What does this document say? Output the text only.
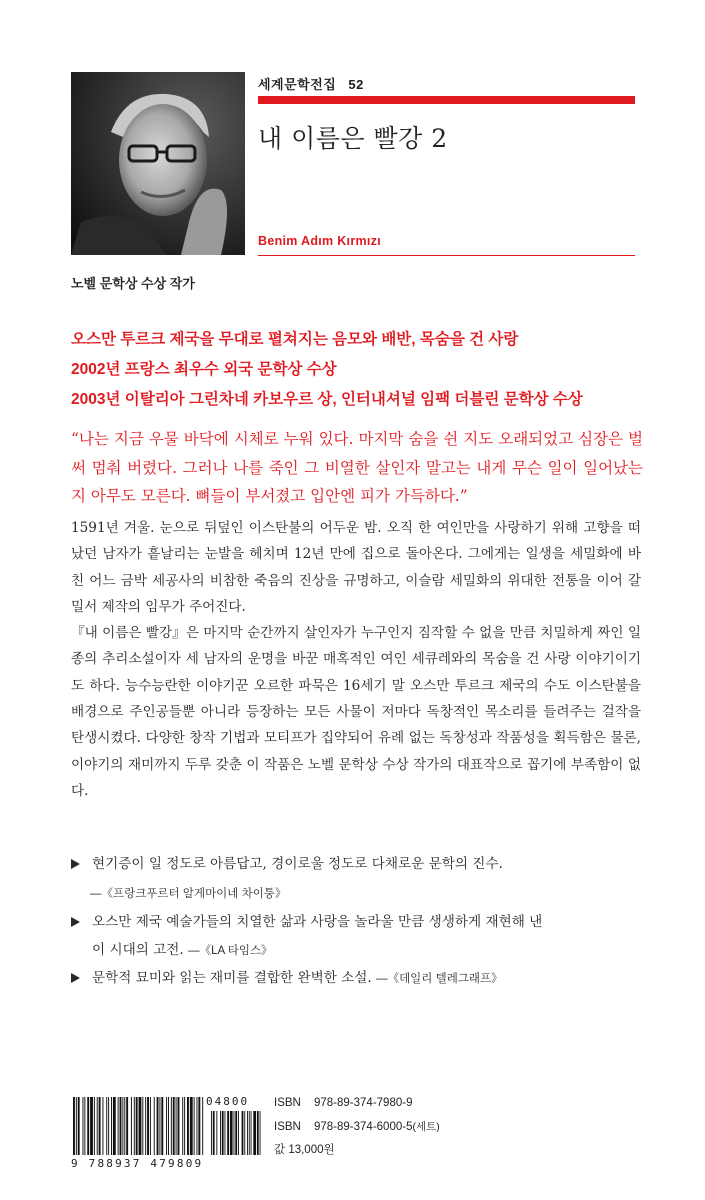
세계문학전집 52
내 이름은 빨강 2
Benim Adım Kırmızı
노벨 문학상 수상 작가
오스만 투르크 제국을 무대로 펼쳐지는 음모와 배반, 목숨을 건 사랑
2002년 프랑스 최우수 외국 문학상 수상
2003년 이탈리아 그린차네 카보우르 상, 인터내셔널 임팩 더블린 문학상 수상

“나는 지금 우물 바닥에 시체로 누워 있다. 마지막 숨을 쉰 지도 오래되었고 심장은 벌써 멈춰 버렸다. 그러나 나를 죽인 그 비열한 살인자 말고는 내게 무슨 일이 일어났는지 아무도 모른다. 뼈들이 부서졌고 입안엔 피가 가득하다.”

1591년 겨울. 눈으로 뒤덮인 이스탄불의 어두운 밤. 오직 한 여인만을 사랑하기 위해 고향을 떠났던 남자가 흩날리는 눈발을 헤치며 12년 만에 집으로 돌아온다. 그에게는 일생을 세밀화에 바친 어느 금박 세공사의 비참한 죽음의 진상을 규명하고, 이슬람 세밀화의 위대한 전통을 이어 갈 밀서 제작의 임무가 주어진다.

『내 이름은 빨강』은 마지막 순간까지 살인자가 누구인지 짐작할 수 없을 만큼 치밀하게 짜인 일종의 추리소설이자 세 남자의 운명을 바꾼 매혹적인 여인 세큐레와의 목숨을 건 사랑 이야기이기도 하다. 능수능란한 이야기꾼 오르한 파묵은 16세기 말 오스만 투르크 제국의 수도 이스탄불을 배경으로 주인공들뿐 아니라 등장하는 모든 사물이 저마다 독창적인 목소리를 들려주는 걸작을 탄생시켰다. 다양한 창작 기법과 모티프가 집약되어 유례 없는 독창성과 작품성을 획득함은 물론, 이야기의 재미까지 두루 갖춘 이 작품은 노벨 문학상 수상 작가의 대표작으로 꼽기에 부족함이 없다.

현기증이 일 정도로 아름답고, 경이로울 정도로 다채로운 문학의 진수.
—《프랑크푸르터 알게마이네 차이퉁》
오스만 제국 예술가들의 치열한 삶과 사랑을 놀라울 만큼 생생하게 재현해 낸
이 시대의 고전. —《LA 타임스》
문학적 묘미와 읽는 재미를 결합한 완벽한 소설. —《데일리 텔레그래프》
9 788937 479809
04800 ISBN 978-89-374-7980-9
ISBN 978-89-374-6000-5(세트)
값 13,000원
